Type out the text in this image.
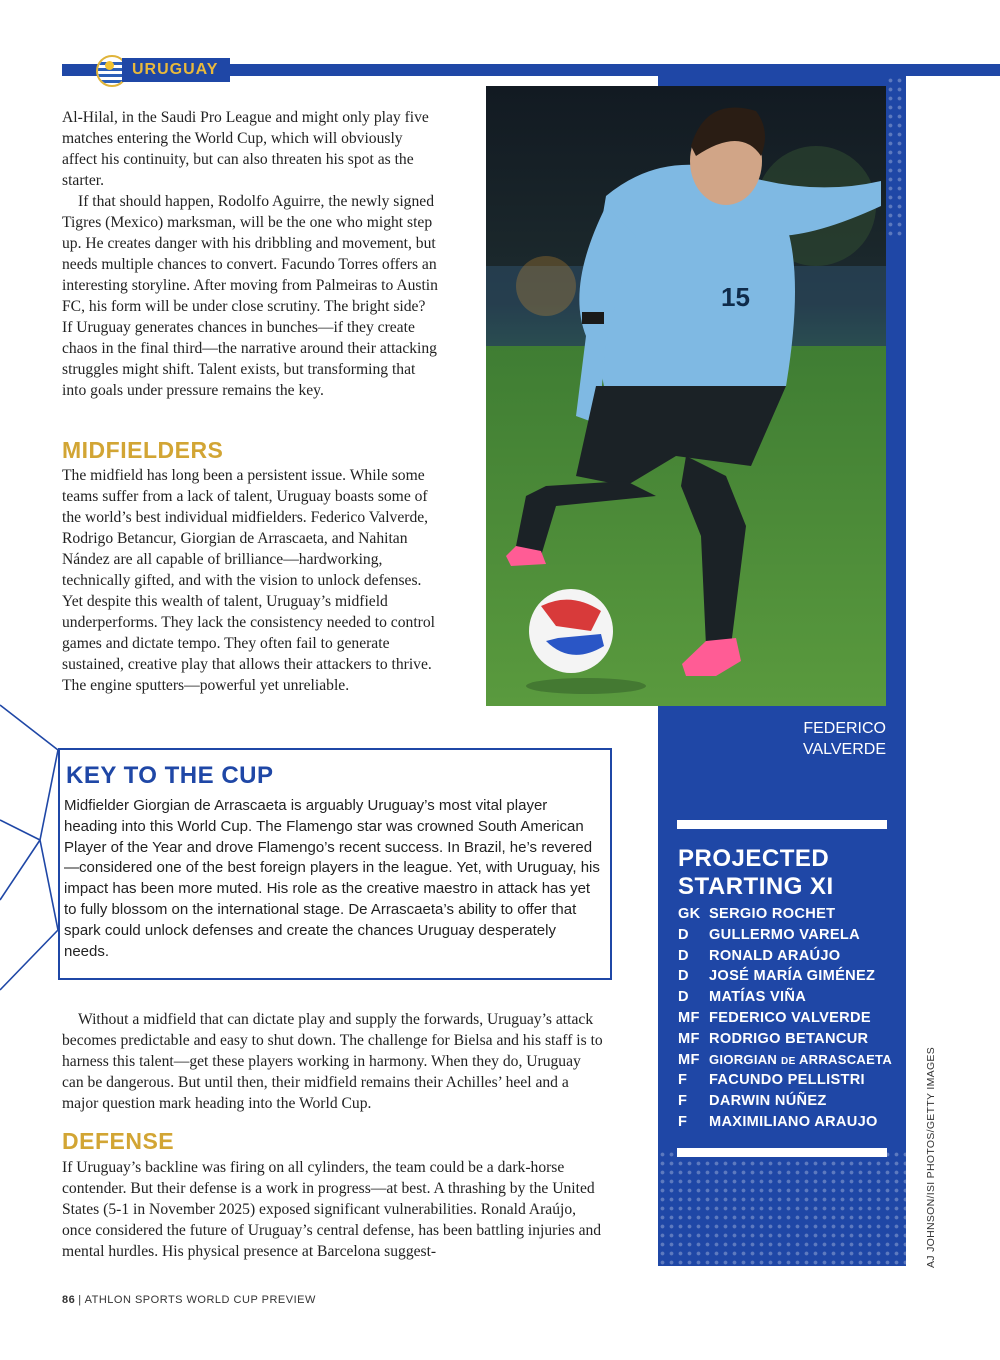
URUGUAY
15
FEDERICO
VALVERDE

Al-Hilal, in the Saudi Pro League and might only play five matches entering the World Cup, which will obviously affect his continuity, but can also threaten his spot as the starter.

If that should happen, Rodolfo Aguirre, the newly signed Tigres (Mexico) marksman, will be the one who might step up. He creates danger with his dribbling and movement, but needs multiple chances to convert. Facundo Torres offers an interesting storyline. After moving from Palmeiras to Austin FC, his form will be under close scrutiny. The bright side? If Uruguay generates chances in bunches—if they create chaos in the final third—the narrative around their attacking struggles might shift. Talent exists, but transforming that into goals under pressure remains the key.

MIDFIELDERS

The midfield has long been a persistent issue. While some teams suffer from a lack of talent, Uruguay boasts some of the world’s best individual midfielders. Federico Valverde, Rodrigo Betancur, Giorgian de Arrascaeta, and Nahitan Nández are all capable of brilliance—hardworking, technically gifted, and with the vision to unlock defenses. Yet despite this wealth of talent, Uruguay’s midfield underperforms. They lack the consistency needed to control games and dictate tempo. They often fail to generate sustained, creative play that allows their attackers to thrive. The engine sputters—powerful yet unreliable.

KEY TO THE CUP
Midfielder Giorgian de Arrascaeta is arguably Uruguay’s most vital player heading into this World Cup. The Flamengo star was crowned South American Player of the Year and drove Flamengo’s recent success. In Brazil, he’s revered—considered one of the best foreign players in the league. Yet, with Uruguay, his impact has been more muted. His role as the creative maestro in attack has yet to fully blossom on the international stage. De Arrascaeta’s ability to offer that spark could unlock defenses and create the chances Uruguay desperately needs.

Without a midfield that can dictate play and supply the forwards, Uruguay’s attack becomes predictable and easy to shut down. The challenge for Bielsa and his staff is to harness this talent—get these players working in harmony. When they do, Uruguay can be dangerous. But until then, their midfield remains their Achilles’ heel and a major question mark heading into the World Cup.

DEFENSE

If Uruguay’s backline was firing on all cylinders, the team could be a dark-horse contender. But their defense is a work in progress—at best. A thrashing by the United States (5-1 in November 2025) exposed significant vulnerabilities. Ronald Araújo, once considered the future of Uruguay’s central defense, has been battling injuries and mental hurdles. His physical presence at Barcelona suggest-

PROJECTED
STARTING XI
GK SERGIO ROCHET
D	GULLERMO VARELA
D	RONALD ARAÚJO
D	JOSÉ MARÍA GIMÉNEZ
D	MATÍAS VIÑA
MF FEDERICO VALVERDE
MF RODRIGO BETANCUR
MF GIORGIAN DE ARRASCAETA
F	FACUNDO PELLISTRI
F	DARWIN NÚÑEZ
F	MAXIMILIANO ARAUJO	AJ JOHNSON/ISI PHOTOS/GETTY IMAGES
86 | ATHLON SPORTS WORLD CUP PREVIEW
